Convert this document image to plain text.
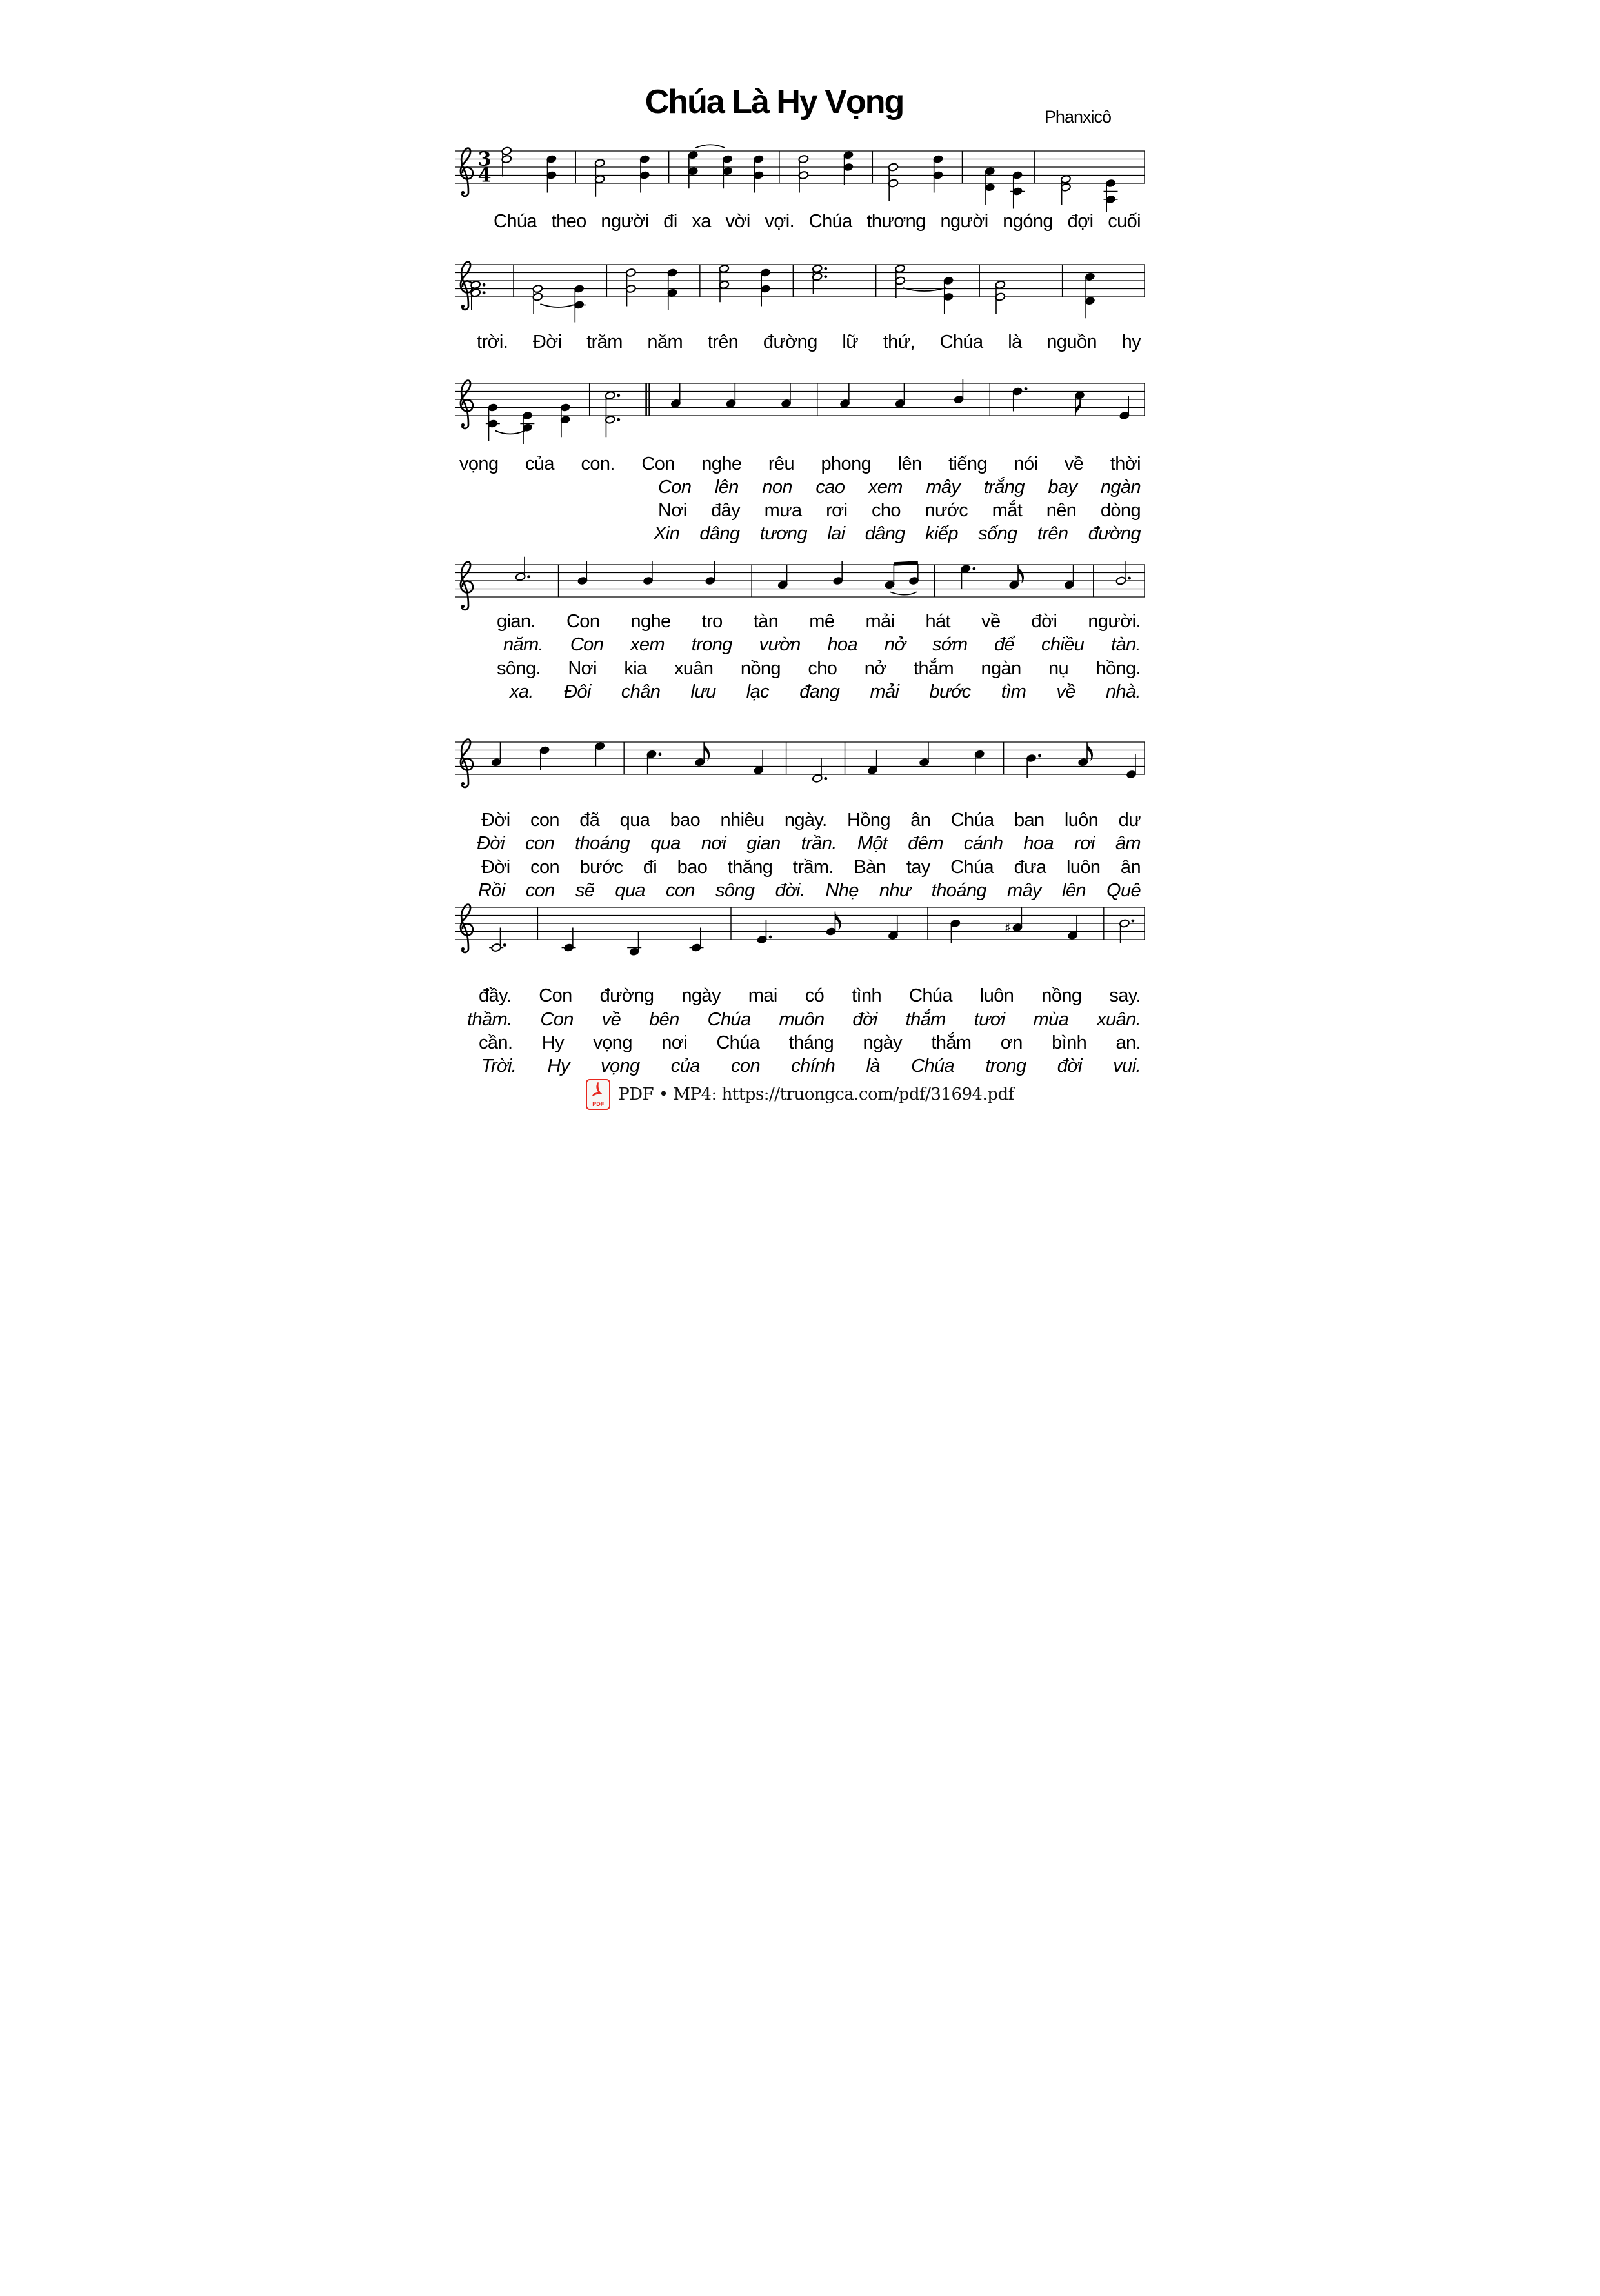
Chúa Là Hy Vọng	Phanxicô
3
4
♯
Chúa theo người đi xa vời vợi. Chúa thương người ngóng đợi cuối
trời. Đời trăm năm trên đường lữ thứ, Chúa là nguồn hy
vọng của con. Con nghe rêu phong lên tiếng nói về thời
Con lên non cao xem mây trắng bay ngàn
Nơi đây mưa rơi cho nước mắt nên dòng
Xin dâng tương lai dâng kiếp sống trên đường
gian. Con nghe tro tàn mê mải hát về đời người.
năm. Con xem trong vườn hoa nở sớm để chiều tàn.
sông. Nơi kia xuân nồng cho nở thắm ngàn nụ hồng.
xa. Đôi chân lưu lạc đang mải bước tìm về nhà.
Đời con đã qua bao nhiêu ngày. Hồng ân Chúa ban luôn dư
Đời con thoáng qua nơi gian trần. Một đêm cánh hoa rơi âm
Đời con bước đi bao thăng trầm. Bàn tay Chúa đưa luôn ân
Rồi con sẽ qua con sông đời. Nhẹ như thoáng mây lên Quê
đầy. Con đường ngày mai có tình Chúa luôn nồng say.
thầm. Con về bên Chúa muôn đời thắm tươi mùa xuân.
cần. Hy vọng nơi Chúa tháng ngày thắm ơn bình an.
Trời. Hy vọng của con chính là Chúa trong đời vui.
PDF PDF • MP4: https://truongca.com/pdf/31694.pdf
